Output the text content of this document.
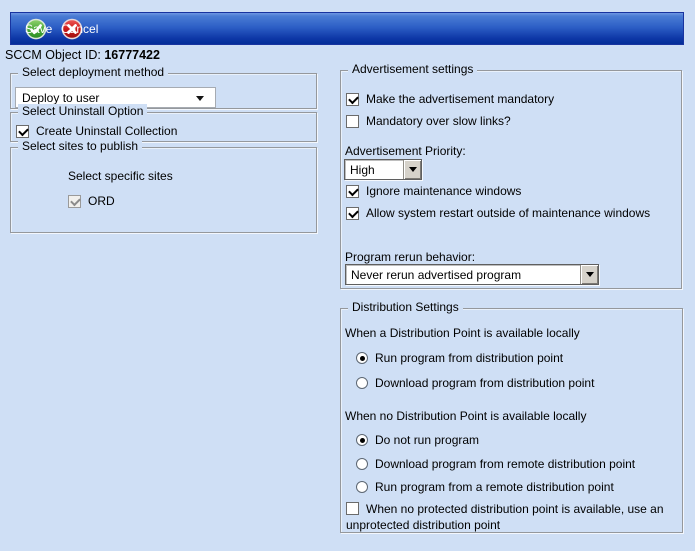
Save Cancel
SCCM Object ID: 16777422
Select deployment method
Deploy to user
Select Uninstall Option
Create Uninstall Collection
Select sites to publish
Select specific sites
ORD
Advertisement settings
Make the advertisement mandatory
Mandatory over slow links?
Advertisement Priority:
High
Ignore maintenance windows
Allow system restart outside of maintenance windows
Program rerun behavior:
Never rerun advertised program
Distribution Settings
When a Distribution Point is available locally
Run program from distribution point
Download program from distribution point
When no Distribution Point is available locally
Do not run program
Download program from remote distribution point
Run program from a remote distribution point
When no protected distribution point is available, use an unprotected distribution point
